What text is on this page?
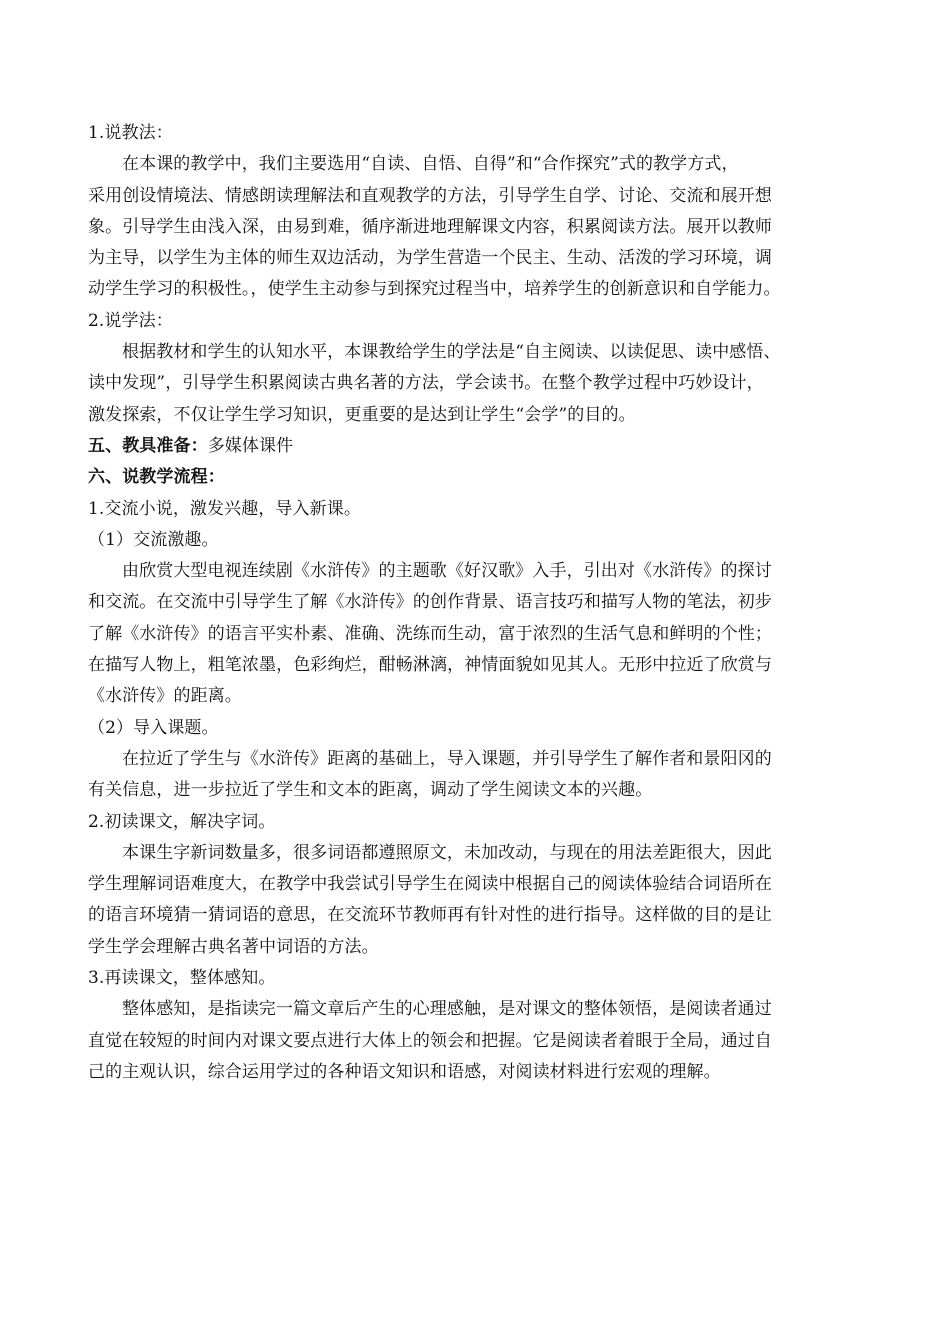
1.说教法：
在本课的教学中，我们主要选用“自读、自悟、自得”和“合作探究”式的教学方式，
采用创设情境法、情感朗读理解法和直观教学的方法，引导学生自学、讨论、交流和展开想
象。引导学生由浅入深，由易到难，循序渐进地理解课文内容，积累阅读方法。展开以教师
为主导，以学生为主体的师生双边活动，为学生营造一个民主、生动、活泼的学习环境，调
动学生学习的积极性。，使学生主动参与到探究过程当中，培养学生的创新意识和自学能力。
2.说学法：
根据教材和学生的认知水平，本课教给学生的学法是“自主阅读、以读促思、读中感悟、
读中发现”，引导学生积累阅读古典名著的方法，学会读书。在整个教学过程中巧妙设计，
激发探索，不仅让学生学习知识，更重要的是达到让学生“会学”的目的。
五、教具准备：多媒体课件
六、说教学流程：
1.交流小说，激发兴趣，导入新课。
（1）交流激趣。
由欣赏大型电视连续剧《水浒传》的主题歌《好汉歌》入手，引出对《水浒传》的探讨
和交流。在交流中引导学生了解《水浒传》的创作背景、语言技巧和描写人物的笔法，初步
了解《水浒传》的语言平实朴素、准确、洗练而生动，富于浓烈的生活气息和鲜明的个性；
在描写人物上，粗笔浓墨，色彩绚烂，酣畅淋漓，神情面貌如见其人。无形中拉近了欣赏与
《水浒传》的距离。
（2）导入课题。
在拉近了学生与《水浒传》距离的基础上，导入课题，并引导学生了解作者和景阳冈的
有关信息，进一步拉近了学生和文本的距离，调动了学生阅读文本的兴趣。
2.初读课文，解决字词。
本课生字新词数量多，很多词语都遵照原文，未加改动，与现在的用法差距很大，因此
学生理解词语难度大，在教学中我尝试引导学生在阅读中根据自己的阅读体验结合词语所在
的语言环境猜一猜词语的意思，在交流环节教师再有针对性的进行指导。这样做的目的是让
学生学会理解古典名著中词语的方法。
3.再读课文，整体感知。
整体感知，是指读完一篇文章后产生的心理感触，是对课文的整体领悟，是阅读者通过
直觉在较短的时间内对课文要点进行大体上的领会和把握。它是阅读者着眼于全局，通过自
己的主观认识，综合运用学过的各种语文知识和语感，对阅读材料进行宏观的理解。
